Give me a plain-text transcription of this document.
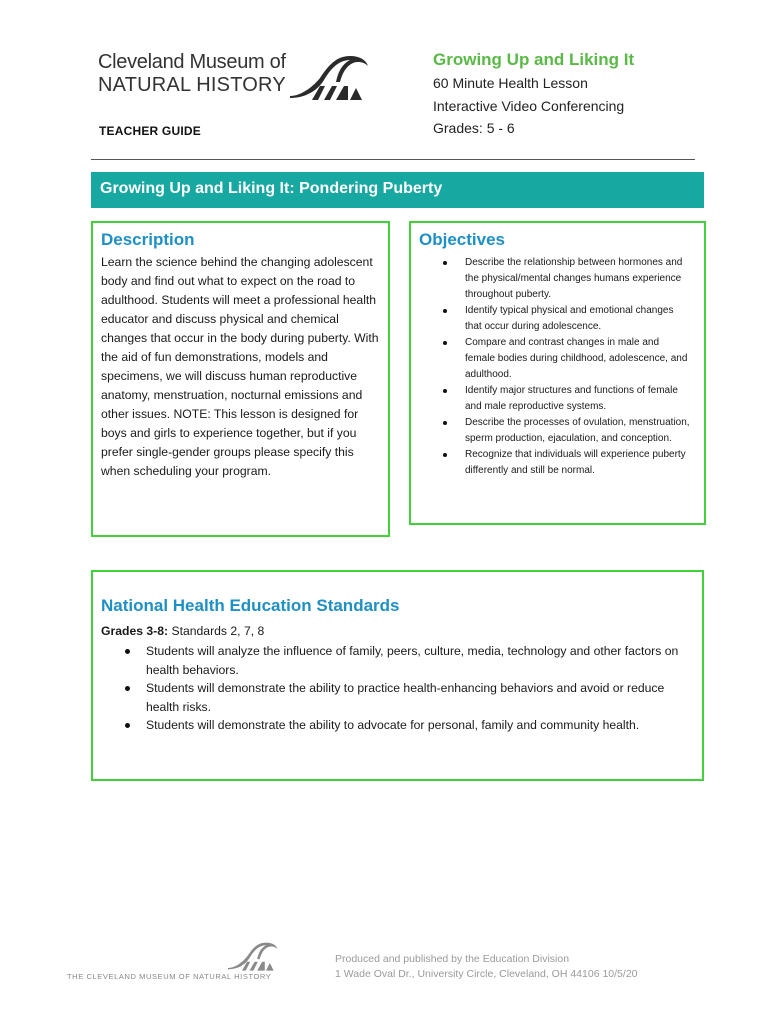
Cleveland Museum of
NATURAL HISTORY
TEACHER GUIDE
Growing Up and Liking It
60 Minute Health Lesson
Interactive Video Conferencing
Grades: 5 - 6
Growing Up and Liking It: Pondering Puberty
Description
Learn the science behind the changing adolescent body and find out what to expect on the road to adulthood. Students will meet a professional health educator and discuss physical and chemical changes that occur in the body during puberty. With the aid of fun demonstrations, models and specimens, we will discuss human reproductive anatomy, menstruation, nocturnal emissions and other issues. NOTE: This lesson is designed for boys and girls to experience together, but if you prefer single-gender groups please specify this when scheduling your program.
Objectives
Describe the relationship between hormones and the physical/mental changes humans experience throughout puberty.
Identify typical physical and emotional changes that occur during adolescence.
Compare and contrast changes in male and female bodies during childhood, adolescence, and adulthood.
Identify major structures and functions of female and male reproductive systems.
Describe the processes of ovulation, menstruation, sperm production, ejaculation, and conception.
Recognize that individuals will experience puberty differently and still be normal.
National Health Education Standards
Grades 3-8: Standards 2, 7, 8
Students will analyze the influence of family, peers, culture, media, technology and other factors on health behaviors.
Students will demonstrate the ability to practice health-enhancing behaviors and avoid or reduce health risks.
Students will demonstrate the ability to advocate for personal, family and community health.
THE CLEVELAND MUSEUM OF NATURAL HISTORY
Produced and published by the Education Division
1 Wade Oval Dr., University Circle, Cleveland, OH 44106 10/5/20
